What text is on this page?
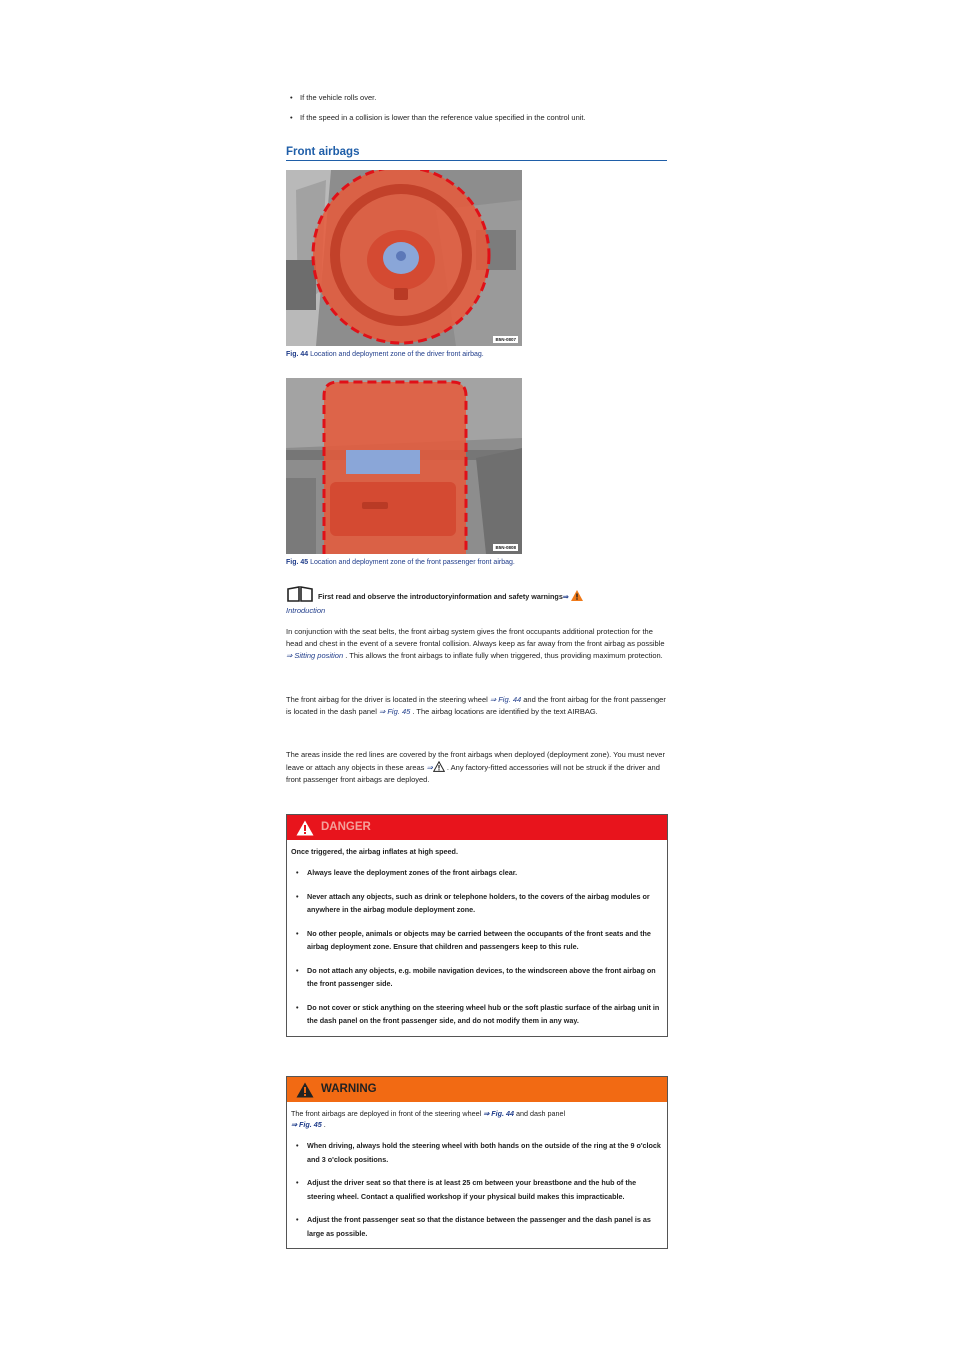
• If the vehicle rolls over.
• If the speed in a collision is lower than the reference value specified in the control unit.
Front airbags
B5N-0807
Fig. 44 Location and deployment zone of the driver front airbag.
B5N-0808
Fig. 45 Location and deployment zone of the front passenger front airbag.
First read and observe the introductoryinformation and safety warnings⇒
Introduction
In conjunction with the seat belts, the front airbag system gives the front occupants additional protection for the head and chest in the event of a severe frontal collision. Always keep as far away from the front airbag as possible ⇒ Sitting position . This allows the front airbags to inflate fully when triggered, thus providing maximum protection.
The front airbag for the driver is located in the steering wheel ⇒ Fig. 44 and the front airbag for the front passenger is located in the dash panel ⇒ Fig. 45 . The airbag locations are identified by the text AIRBAG.
The areas inside the red lines are covered by the front airbags when deployed (deployment zone). You must never leave or attach any objects in these areas ⇒ . Any factory-fitted accessories will not be struck if the driver and front passenger front airbags are deployed.
DANGER
Once triggered, the airbag inflates at high speed.
• Always leave the deployment zones of the front airbags clear.
• Never attach any objects, such as drink or telephone holders, to the covers of the airbag modules or anywhere in the airbag module deployment zone.
• No other people, animals or objects may be carried between the occupants of the front seats and the airbag deployment zone. Ensure that children and passengers keep to this rule.
• Do not attach any objects, e.g. mobile navigation devices, to the windscreen above the front airbag on the front passenger side.
• Do not cover or stick anything on the steering wheel hub or the soft plastic surface of the airbag unit in the dash panel on the front passenger side, and do not modify them in any way.
WARNING
The front airbags are deployed in front of the steering wheel ⇒ Fig. 44 and dash panel
⇒ Fig. 45 .
• When driving, always hold the steering wheel with both hands on the outside of the ring at the 9 o'clock and 3 o'clock positions.
• Adjust the driver seat so that there is at least 25 cm between your breastbone and the hub of the steering wheel. Contact a qualified workshop if your physical build makes this impracticable.
• Adjust the front passenger seat so that the distance between the passenger and the dash panel is as large as possible.
